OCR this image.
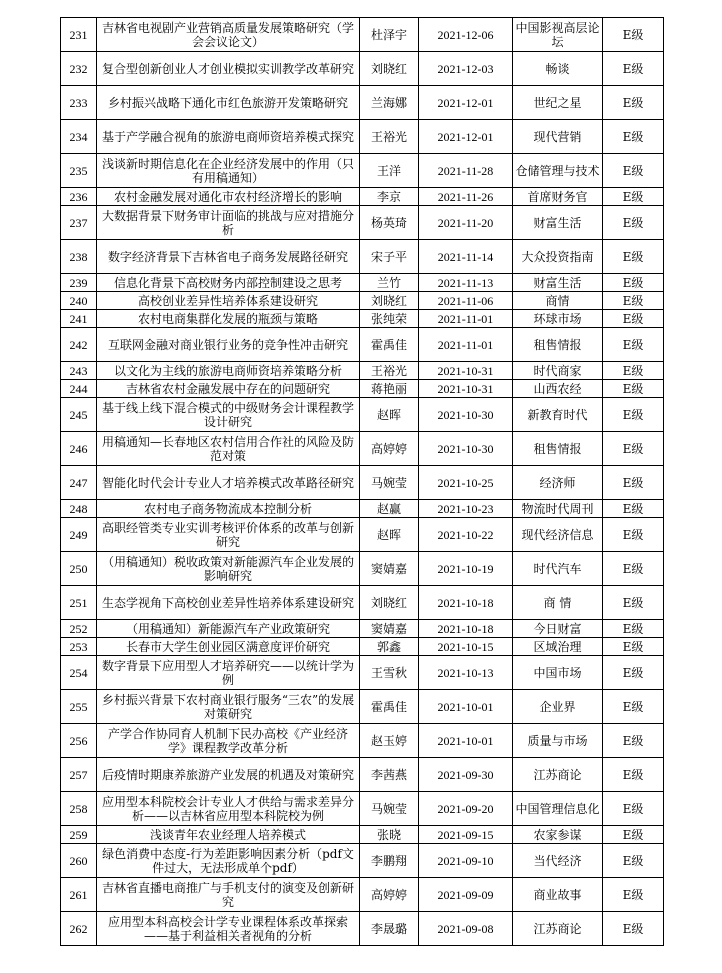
231	吉林省电视剧产业营销高质量发展策略研究（学会会议论文）	杜泽宇	2021-12-06	中国影视高层论坛	E级
232	复合型创新创业人才创业模拟实训教学改革研究	刘晓红	2021-12-03	畅谈	E级
233	乡村振兴战略下通化市红色旅游开发策略研究	兰海娜	2021-12-01	世纪之星	E级
234	基于产学融合视角的旅游电商师资培养模式探究	王裕光	2021-12-01	现代营销	E级
235	浅谈新时期信息化在企业经济发展中的作用（只有用稿通知）	王洋	2021-11-28	仓储管理与技术	E级
236	农村金融发展对通化市农村经济增长的影响	李京	2021-11-26	首席财务官	E级
237	大数据背景下财务审计面临的挑战与应对措施分析	杨英琦	2021-11-20	财富生活	E级
238	数字经济背景下吉林省电子商务发展路径研究	宋子平	2021-11-14	大众投资指南	E级
239	信息化背景下高校财务内部控制建设之思考	兰竹	2021-11-13	财富生活	E级
240	高校创业差异性培养体系建设研究	刘晓红	2021-11-06	商情	E级
241	农村电商集群化发展的瓶颈与策略	张纯荣	2021-11-01	环球市场	E级
242	互联网金融对商业银行业务的竞争性冲击研究	霍禹佳	2021-11-01	租售情报	E级
243	以文化为主线的旅游电商师资培养策略分析	王裕光	2021-10-31	时代商家	E级
244	吉林省农村金融发展中存在的问题研究	蒋艳丽	2021-10-31	山西农经	E级
245	基于线上线下混合模式的中级财务会计课程教学设计研究	赵晖	2021-10-30	新教育时代	E级
246	用稿通知—长春地区农村信用合作社的风险及防范对策	高婷婷	2021-10-30	租售情报	E级
247	智能化时代会计专业人才培养模式改革路径研究	马婉莹	2021-10-25	经济师	E级
248	农村电子商务物流成本控制分析	赵赢	2021-10-23	物流时代周刊	E级
249	高职经管类专业实训考核评价体系的改革与创新研究	赵晖	2021-10-22	现代经济信息	E级
250	（用稿通知）税收政策对新能源汽车企业发展的影响研究	窦婧嘉	2021-10-19	时代汽车	E级
251	生态学视角下高校创业差异性培养体系建设研究	刘晓红	2021-10-18	商 情	E级
252	（用稿通知）新能源汽车产业政策研究	窦婧嘉	2021-10-18	今日财富	E级
253	长春市大学生创业园区满意度评价研究	郭鑫	2021-10-15	区域治理	E级
254	数字背景下应用型人才培养研究——以统计学为例	王雪秋	2021-10-13	中国市场	E级
255	乡村振兴背景下农村商业银行服务“三农”的发展对策研究	霍禹佳	2021-10-01	企业界	E级
256	产学合作协同育人机制下民办高校《产业经济学》课程教学改革分析	赵玉婷	2021-10-01	质量与市场	E级
257	后疫情时期康养旅游产业发展的机遇及对策研究	李茜燕	2021-09-30	江苏商论	E级
258	应用型本科院校会计专业人才供给与需求差异分析——以吉林省应用型本科院校为例	马婉莹	2021-09-20	中国管理信息化	E级
259	浅谈青年农业经理人培养模式	张晓	2021-09-15	农家参谋	E级
260	绿色消费中态度-行为差距影响因素分析（pdf文件过大，无法形成单个pdf）	李鹏翔	2021-09-10	当代经济	E级
261	吉林省直播电商推广与手机支付的演变及创新研究	高婷婷	2021-09-09	商业故事	E级
262	应用型本科高校会计学专业课程体系改革探索——基于利益相关者视角的分析	李晟璐	2021-09-08	江苏商论	E级
